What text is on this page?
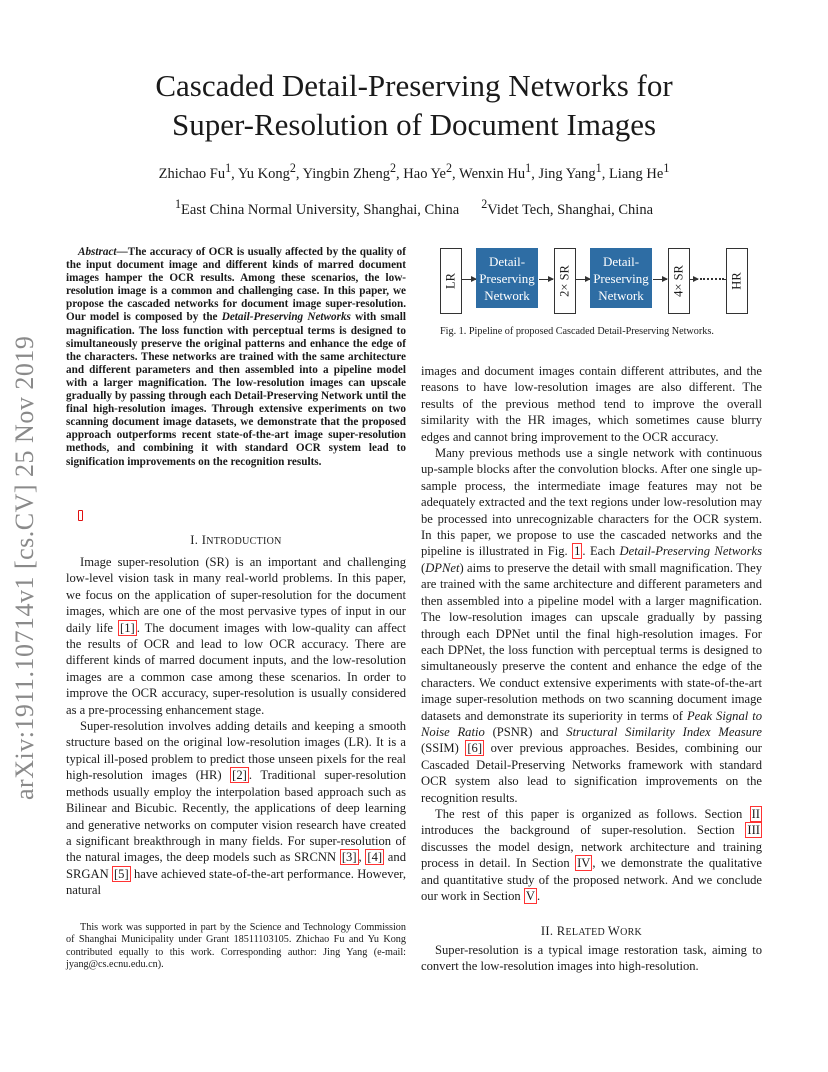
Cascaded Detail-Preserving Networks for
Super-Resolution of Document Images
Zhichao Fu$^1$, Yu Kong$^2$, Yingbin Zheng$^2$, Hao Ye$^2$, Wenxin Hu$^1$, Jing Yang$^1$, Liang He$^1$
$^1$East China Normal University, Shanghai, China $^2$Videt Tech, Shanghai, China
arXiv:1911.10714v1 [cs.CV] 25 Nov 2019
Abstract—The accuracy of OCR is usually affected by the quality of the input document image and different kinds of marred document images hamper the OCR results. Among these scenarios, the low-resolution image is a common and challenging case. In this paper, we propose the cascaded networks for document image super-resolution. Our model is composed by the Detail-Preserving Networks with small magnification. The loss function with perceptual terms is designed to simultaneously preserve the original patterns and enhance the edge of the characters. These networks are trained with the same architecture and different parameters and then assembled into a pipeline model with a larger magnification. The low-resolution images can upscale gradually by passing through each Detail-Preserving Network until the final high-resolution images. Through extensive experiments on two scanning document image datasets, we demonstrate that the proposed approach outperforms recent state-of-the-art image super-resolution methods, and combining it with standard OCR system lead to signification improvements on the recognition results.
I. INTRODUCTION

Image super-resolution (SR) is an important and challenging low-level vision task in many real-world problems. In this paper, we focus on the application of super-resolution for the document images, which are one of the most pervasive types of input in our daily life [1] . The document images with low-quality can affect the results of OCR and lead to low OCR accuracy. There are different kinds of marred document inputs, and the low-resolution images are a common case among these scenarios. In order to improve the OCR accuracy, super-resolution is usually considered as a pre-processing enhancement stage.

Super-resolution involves adding details and keeping a smooth structure based on the original low-resolution images (LR). It is a typical ill-posed problem to predict those unseen pixels for the real high-resolution images (HR) [2] . Traditional super-resolution methods usually employ the interpolation based approach such as Bilinear and Bicubic. Recently, the applications of deep learning and generative networks on computer vision research have created a significant breakthrough in many fields. For super-resolution of the natural images, the deep models such as SRCNN [3] , [4] and SRGAN [5] have achieved state-of-the-art performance. However, natural

This work was supported in part by the Science and Technology Commission of Shanghai Municipality under Grant 18511103105. Zhichao Fu and Yu Kong contributed equally to this work. Corresponding author: Jing Yang (e-mail: jyang@cs.ecnu.edu.cn).
LR
Detail-
Preserving
Network	2× SR
Detail-
Preserving
Network	4× SR	HR
Fig. 1. Pipeline of proposed Cascaded Detail-Preserving Networks.

images and document images contain different attributes, and the reasons to have low-resolution images are also different. The results of the previous method tend to improve the overall similarity with the HR images, which sometimes cause blurry edges and cannot bring improvement to the OCR accuracy.

Many previous methods use a single network with continuous up-sample blocks after the convolution blocks. After one single up-sample process, the intermediate image features may not be adequately extracted and the text regions under low-resolution may be processed into unrecognizable characters for the OCR system. In this paper, we propose to use the cascaded networks and the pipeline is illustrated in Fig. 1 . Each Detail-Preserving Networks (DPNet) aims to preserve the detail with small magnification. They are trained with the same architecture and different parameters and then assembled into a pipeline model with a larger magnification. The low-resolution images can upscale gradually by passing through each DPNet until the final high-resolution images. For each DPNet, the loss function with perceptual terms is designed to simultaneously preserve the content and enhance the edge of the characters. We conduct extensive experiments with state-of-the-art image super-resolution methods on two scanning document image datasets and demonstrate its superiority in terms of Peak Signal to Noise Ratio (PSNR) and Structural Similarity Index Measure (SSIM) [6] over previous approaches. Besides, combining our Cascaded Detail-Preserving Networks framework with standard OCR system also lead to signification improvements on the recognition results.

The rest of this paper is organized as follows. Section II introduces the background of super-resolution. Section III discusses the model design, network architecture and training process in detail. In Section IV , we demonstrate the qualitative and quantitative study of the proposed network. And we conclude our work in Section V .

II. RELATED WORK

Super-resolution is a typical image restoration task, aiming to convert the low-resolution images into high-resolution.
